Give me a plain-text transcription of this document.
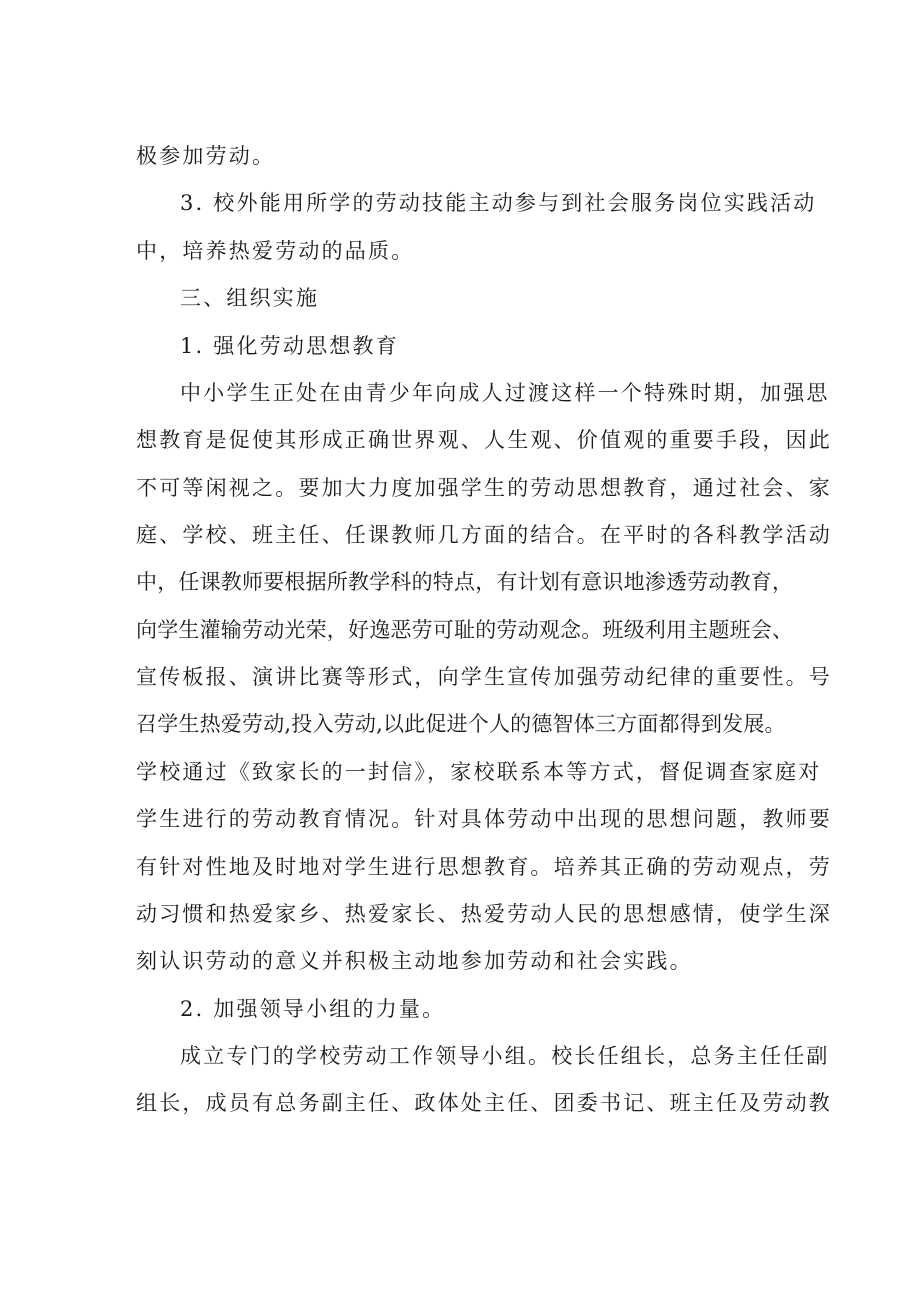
极参加劳动。
3. 校外能用所学的劳动技能主动参与到社会服务岗位实践活动
中，培养热爱劳动的品质。
三、组织实施
1. 强化劳动思想教育
中小学生正处在由青少年向成人过渡这样一个特殊时期，加强思
想教育是促使其形成正确世界观、人生观、价值观的重要手段，因此
不可等闲视之。要加大力度加强学生的劳动思想教育，通过社会、家
庭、学校、班主任、任课教师几方面的结合。在平时的各科教学活动
中，任课教师要根据所教学科的特点，有计划有意识地渗透劳动教育，
向学生灌输劳动光荣，好逸恶劳可耻的劳动观念。班级利用主题班会、
宣传板报、演讲比赛等形式，向学生宣传加强劳动纪律的重要性。号
召学生热爱劳动,投入劳动,以此促进个人的德智体三方面都得到发展。
学校通过《致家长的一封信》，家校联系本等方式，督促调查家庭对
学生进行的劳动教育情况。针对具体劳动中出现的思想问题，教师要
有针对性地及时地对学生进行思想教育。培养其正确的劳动观点，劳
动习惯和热爱家乡、热爱家长、热爱劳动人民的思想感情，使学生深
刻认识劳动的意义并积极主动地参加劳动和社会实践。
2. 加强领导小组的力量。
成立专门的学校劳动工作领导小组。校长任组长，总务主任任副
组长，成员有总务副主任、政体处主任、团委书记、班主任及劳动教
